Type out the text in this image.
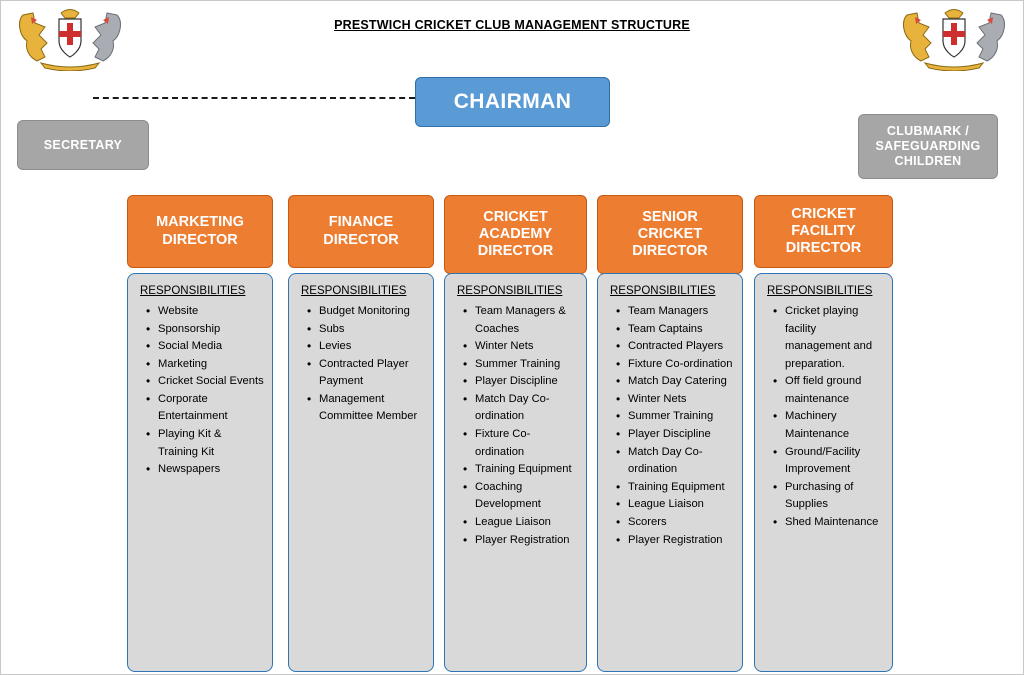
PRESTWICH CRICKET CLUB MANAGEMENT STRUCTURE
CHAIRMAN
SECRETARY
CLUBMARK /
SAFEGUARDING
CHILDREN
MARKETING
DIRECTOR
FINANCE
DIRECTOR
CRICKET
ACADEMY
DIRECTOR
SENIOR
CRICKET
DIRECTOR
CRICKET
FACILITY
DIRECTOR
RESPONSIBILITIES
• Website
• Sponsorship
• Social Media
• Marketing
• Cricket Social Events
• Corporate Entertainment
• Playing Kit & Training Kit
• Newspapers
RESPONSIBILITIES
• Budget Monitoring
• Subs
• Levies
• Contracted Player Payment
• Management Committee Member
RESPONSIBILITIES
• Team Managers & Coaches
• Winter Nets
• Summer Training
• Player Discipline
• Match Day Co-ordination
• Fixture Co-ordination
• Training Equipment
• Coaching Development
• League Liaison
• Player Registration
RESPONSIBILITIES
• Team Managers
• Team Captains
• Contracted Players
• Fixture Co-ordination
• Match Day Catering
• Winter Nets
• Summer Training
• Player Discipline
• Match Day Co-ordination
• Training Equipment
• League Liaison
• Scorers
• Player Registration
RESPONSIBILITIES
• Cricket playing facility management and preparation.
• Off field ground maintenance
• Machinery Maintenance
• Ground/Facility Improvement
• Purchasing of Supplies
• Shed Maintenance
